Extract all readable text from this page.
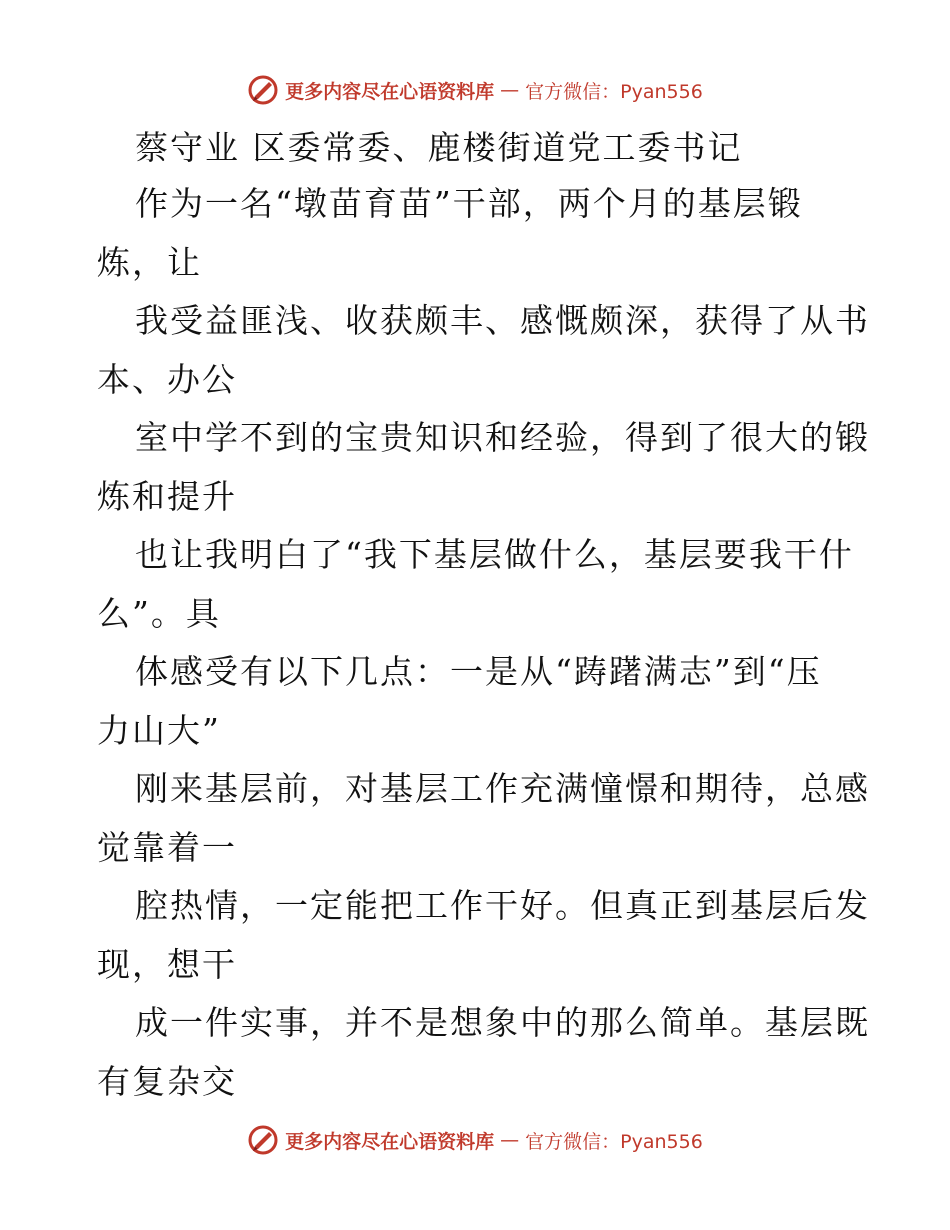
更多内容尽在心语资料库 — 官方微信：Pyan556
蔡守业 区委常委、鹿楼街道党工委书记
作为一名“墩苗育苗”干部，两个月的基层锻
炼，让
我受益匪浅、收获颇丰、感慨颇深，获得了从书
本、办公
室中学不到的宝贵知识和经验，得到了很大的锻
炼和提升
也让我明白了“我下基层做什么，基层要我干什
么”。具
体感受有以下几点：一是从“踌躇满志”到“压
力山大”
刚来基层前，对基层工作充满憧憬和期待，总感
觉靠着一
腔热情，一定能把工作干好。但真正到基层后发
现，想干
成一件实事，并不是想象中的那么简单。基层既
有复杂交
更多内容尽在心语资料库 — 官方微信：Pyan556
